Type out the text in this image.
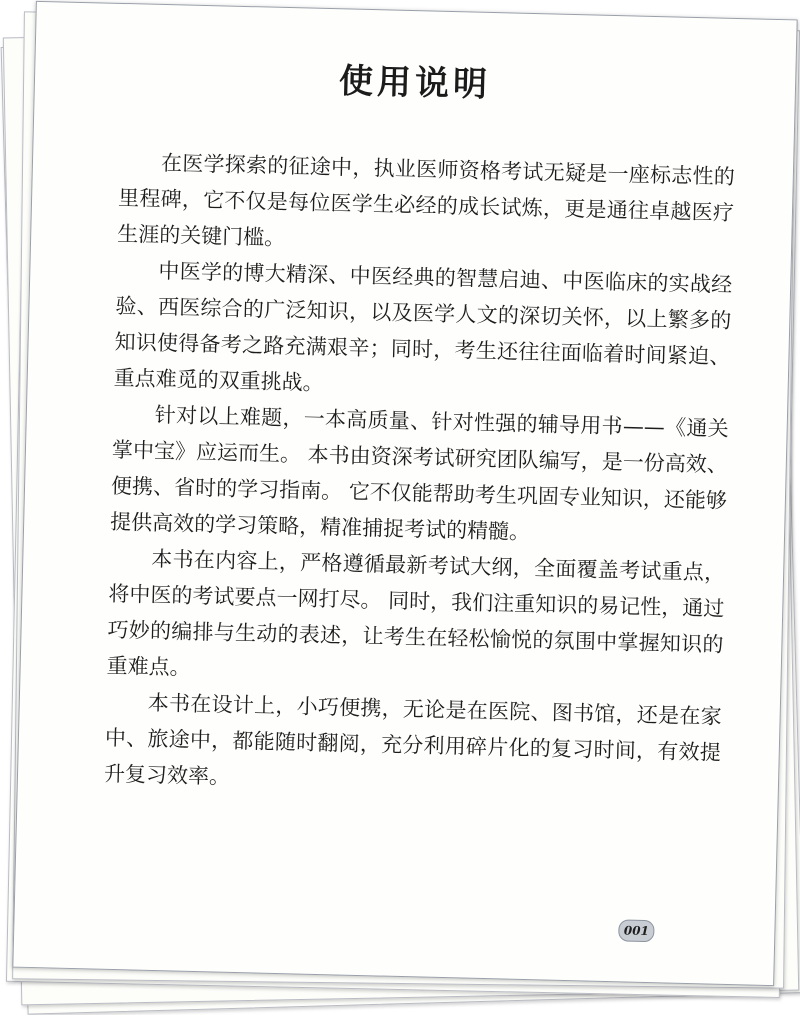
使用说明

在医学探索的征途中，执业医师资格考试无疑是一座标志性的里程碑，它不仅是每位医学生必经的成长试炼，更是通往卓越医疗生涯的关键门槛。

中医学的博大精深、中医经典的智慧启迪、中医临床的实战经验、西医综合的广泛知识，以及医学人文的深切关怀，以上繁多的知识使得备考之路充满艰辛；同时，考生还往往面临着时间紧迫、重点难觅的双重挑战。

针对以上难题，一本高质量、针对性强的辅导用书——《通关掌中宝》应运而生。 本书由资深考试研究团队编写，是一份高效、便携、省时的学习指南。 它不仅能帮助考生巩固专业知识，还能够提供高效的学习策略，精准捕捉考试的精髓。

本书在内容上，严格遵循最新考试大纲，全面覆盖考试重点，将中医的考试要点一网打尽。 同时，我们注重知识的易记性，通过巧妙的编排与生动的表述，让考生在轻松愉悦的氛围中掌握知识的重难点。

本书在设计上，小巧便携，无论是在医院、图书馆，还是在家中、旅途中，都能随时翻阅，充分利用碎片化的复习时间，有效提升复习效率。

001
